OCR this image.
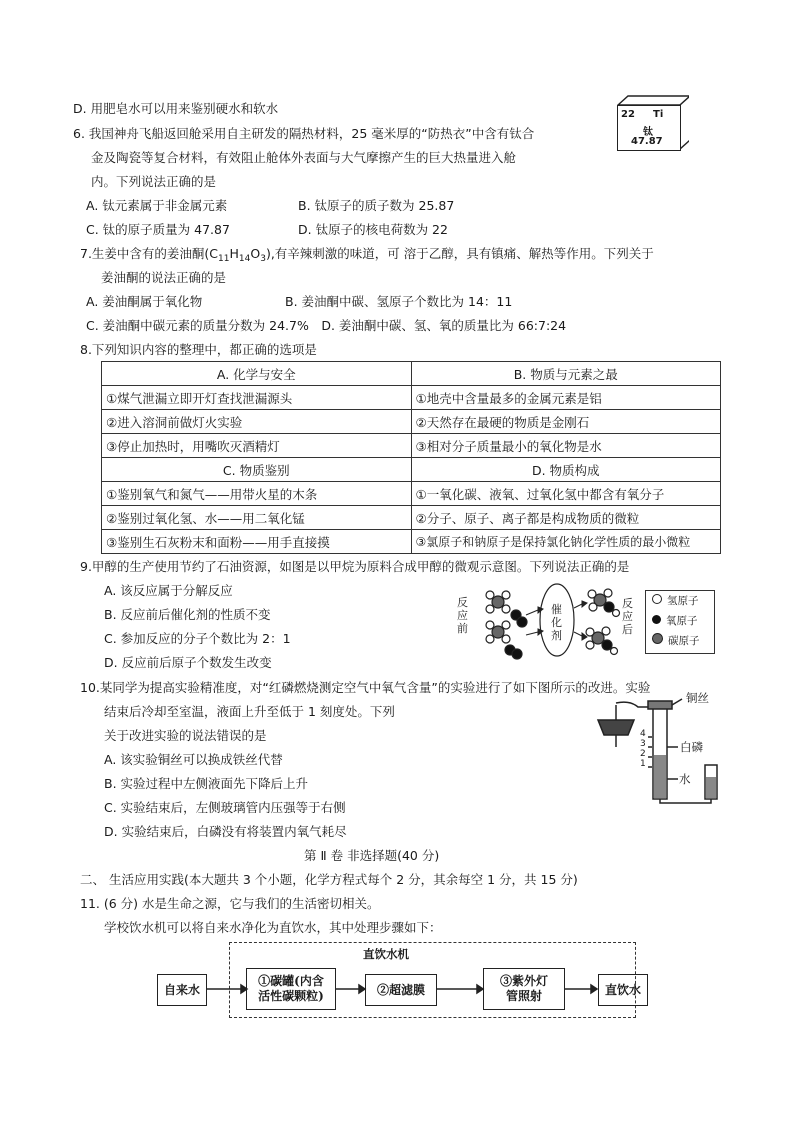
D. 用肥皂水可以用来鉴别硬水和软水
6. 我国神舟飞船返回舱采用自主研发的隔热材料，25 毫米厚的“防热衣”中含有钛合
金及陶瓷等复合材料，有效阻止舱体外表面与大气摩擦产生的巨大热量进入舱
内。下列说法正确的是
A. 钛元素属于非金属元素	B. 钛原子的质子数为 25.87
C. 钛的原子质量为 47.87	D. 钛原子的核电荷数为 22
22 Ti
钛
47.87
7.生姜中含有的姜油酮$(C_{11}H_{14}O_3)$,有辛辣刺激的味道，可 溶于乙醇，具有镇痛、解热等作用。下列关于
姜油酮的说法正确的是
A. 姜油酮属于氧化物	B. 姜油酮中碳、氢原子个数比为 14：11
C. 姜油酮中碳元素的质量分数为 24.7%　D. 姜油酮中碳、氢、氧的质量比为 66:7:24
8.下列知识内容的整理中，都正确的选项是
A. 化学与安全	B. 物质与元素之最
①煤气泄漏立即开灯查找泄漏源头	①地壳中含量最多的金属元素是铝
②进入溶洞前做灯火实验	②天然存在最硬的物质是金刚石
③停止加热时，用嘴吹灭酒精灯	③相对分子质量最小的氧化物是水
C. 物质鉴别	D. 物质构成
①鉴别氧气和氮气——用带火星的木条	①一氧化碳、液氧、过氧化氢中都含有氧分子
②鉴别过氧化氢、水——用二氧化锰	②分子、原子、离子都是构成物质的微粒
③鉴别生石灰粉末和面粉——用手直接摸	③氯原子和钠原子是保持氯化钠化学性质的最小微粒
9.甲醇的生产使用节约了石油资源，如图是以甲烷为原料合成甲醇的微观示意图。下列说法正确的是
A. 该反应属于分解反应
B. 反应前后催化剂的性质不变
C. 参加反应的分子个数比为 2：1
D. 反应前后原子个数发生改变
反
应
前
催
化
剂
反
应
后
氢原子
氧原子
碳原子
10.某同学为提高实验精准度，对“红磷燃烧测定空气中氧气含量”的实验进行了如下图所示的改进。实验
结束后冷却至室温，液面上升至低于 1 刻度处。下列
关于改进实验的说法错误的是
A. 该实验铜丝可以换成铁丝代替
B. 实验过程中左侧液面先下降后上升
C. 实验结束后，左侧玻璃管内压强等于右侧
D. 实验结束后，白磷没有将装置内氧气耗尽
铜丝
白磷
水
4
3
2
1
第 Ⅱ 卷 非选择题(40 分)
二、 生活应用实践(本大题共 3 个小题，化学方程式每个 2 分，其余每空 1 分，共 15 分)
11. (6 分) 水是生命之源，它与我们的生活密切相关。
学校饮水机可以将自来水净化为直饮水，其中处理步骤如下：
直饮水机
自来水
①碳罐(内含
活性碳颗粒)	②超滤膜
③紫外灯
管照射	直饮水
